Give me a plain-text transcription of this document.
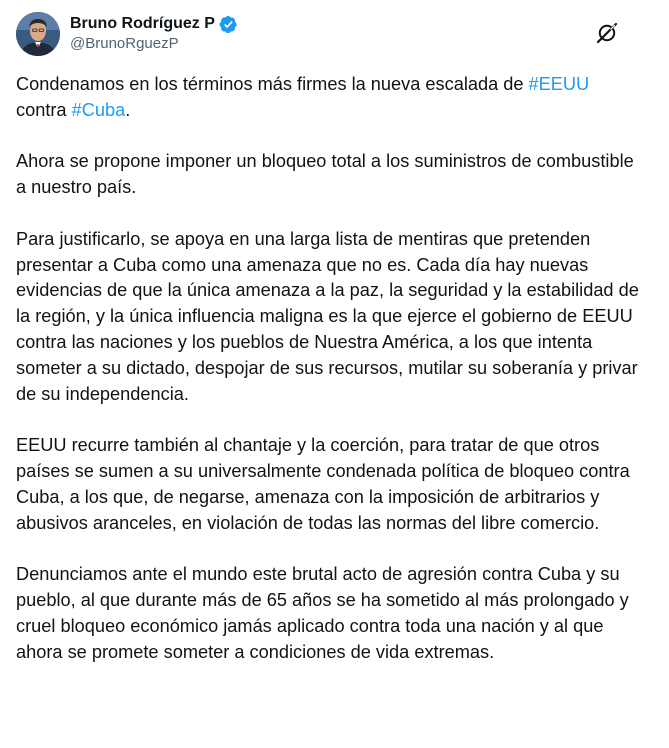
Bruno Rodríguez P
@BrunoRguezP

Condenamos en los términos más firmes la nueva escalada de #EEUU
contra #Cuba.

Ahora se propone imponer un bloqueo total a los suministros de combustible a nuestro país.

Para justificarlo, se apoya en una larga lista de mentiras que pretenden presentar a Cuba como una amenaza que no es. Cada día hay nuevas evidencias de que la única amenaza a la paz, la seguridad y la estabilidad de la región, y la única influencia maligna es la que ejerce el gobierno de EEUU contra las naciones y los pueblos de Nuestra América, a los que intenta someter a su dictado, despojar de sus recursos, mutilar su soberanía y privar de su independencia.

EEUU recurre también al chantaje y la coerción, para tratar de que otros países se sumen a su universalmente condenada política de bloqueo contra Cuba, a los que, de negarse, amenaza con la imposición de arbitrarios y abusivos aranceles, en violación de todas las normas del libre comercio.

Denunciamos ante el mundo este brutal acto de agresión contra Cuba y su pueblo, al que durante más de 65 años se ha sometido al más prolongado y cruel bloqueo económico jamás aplicado contra toda una nación y al que ahora se promete someter a condiciones de vida extremas.
